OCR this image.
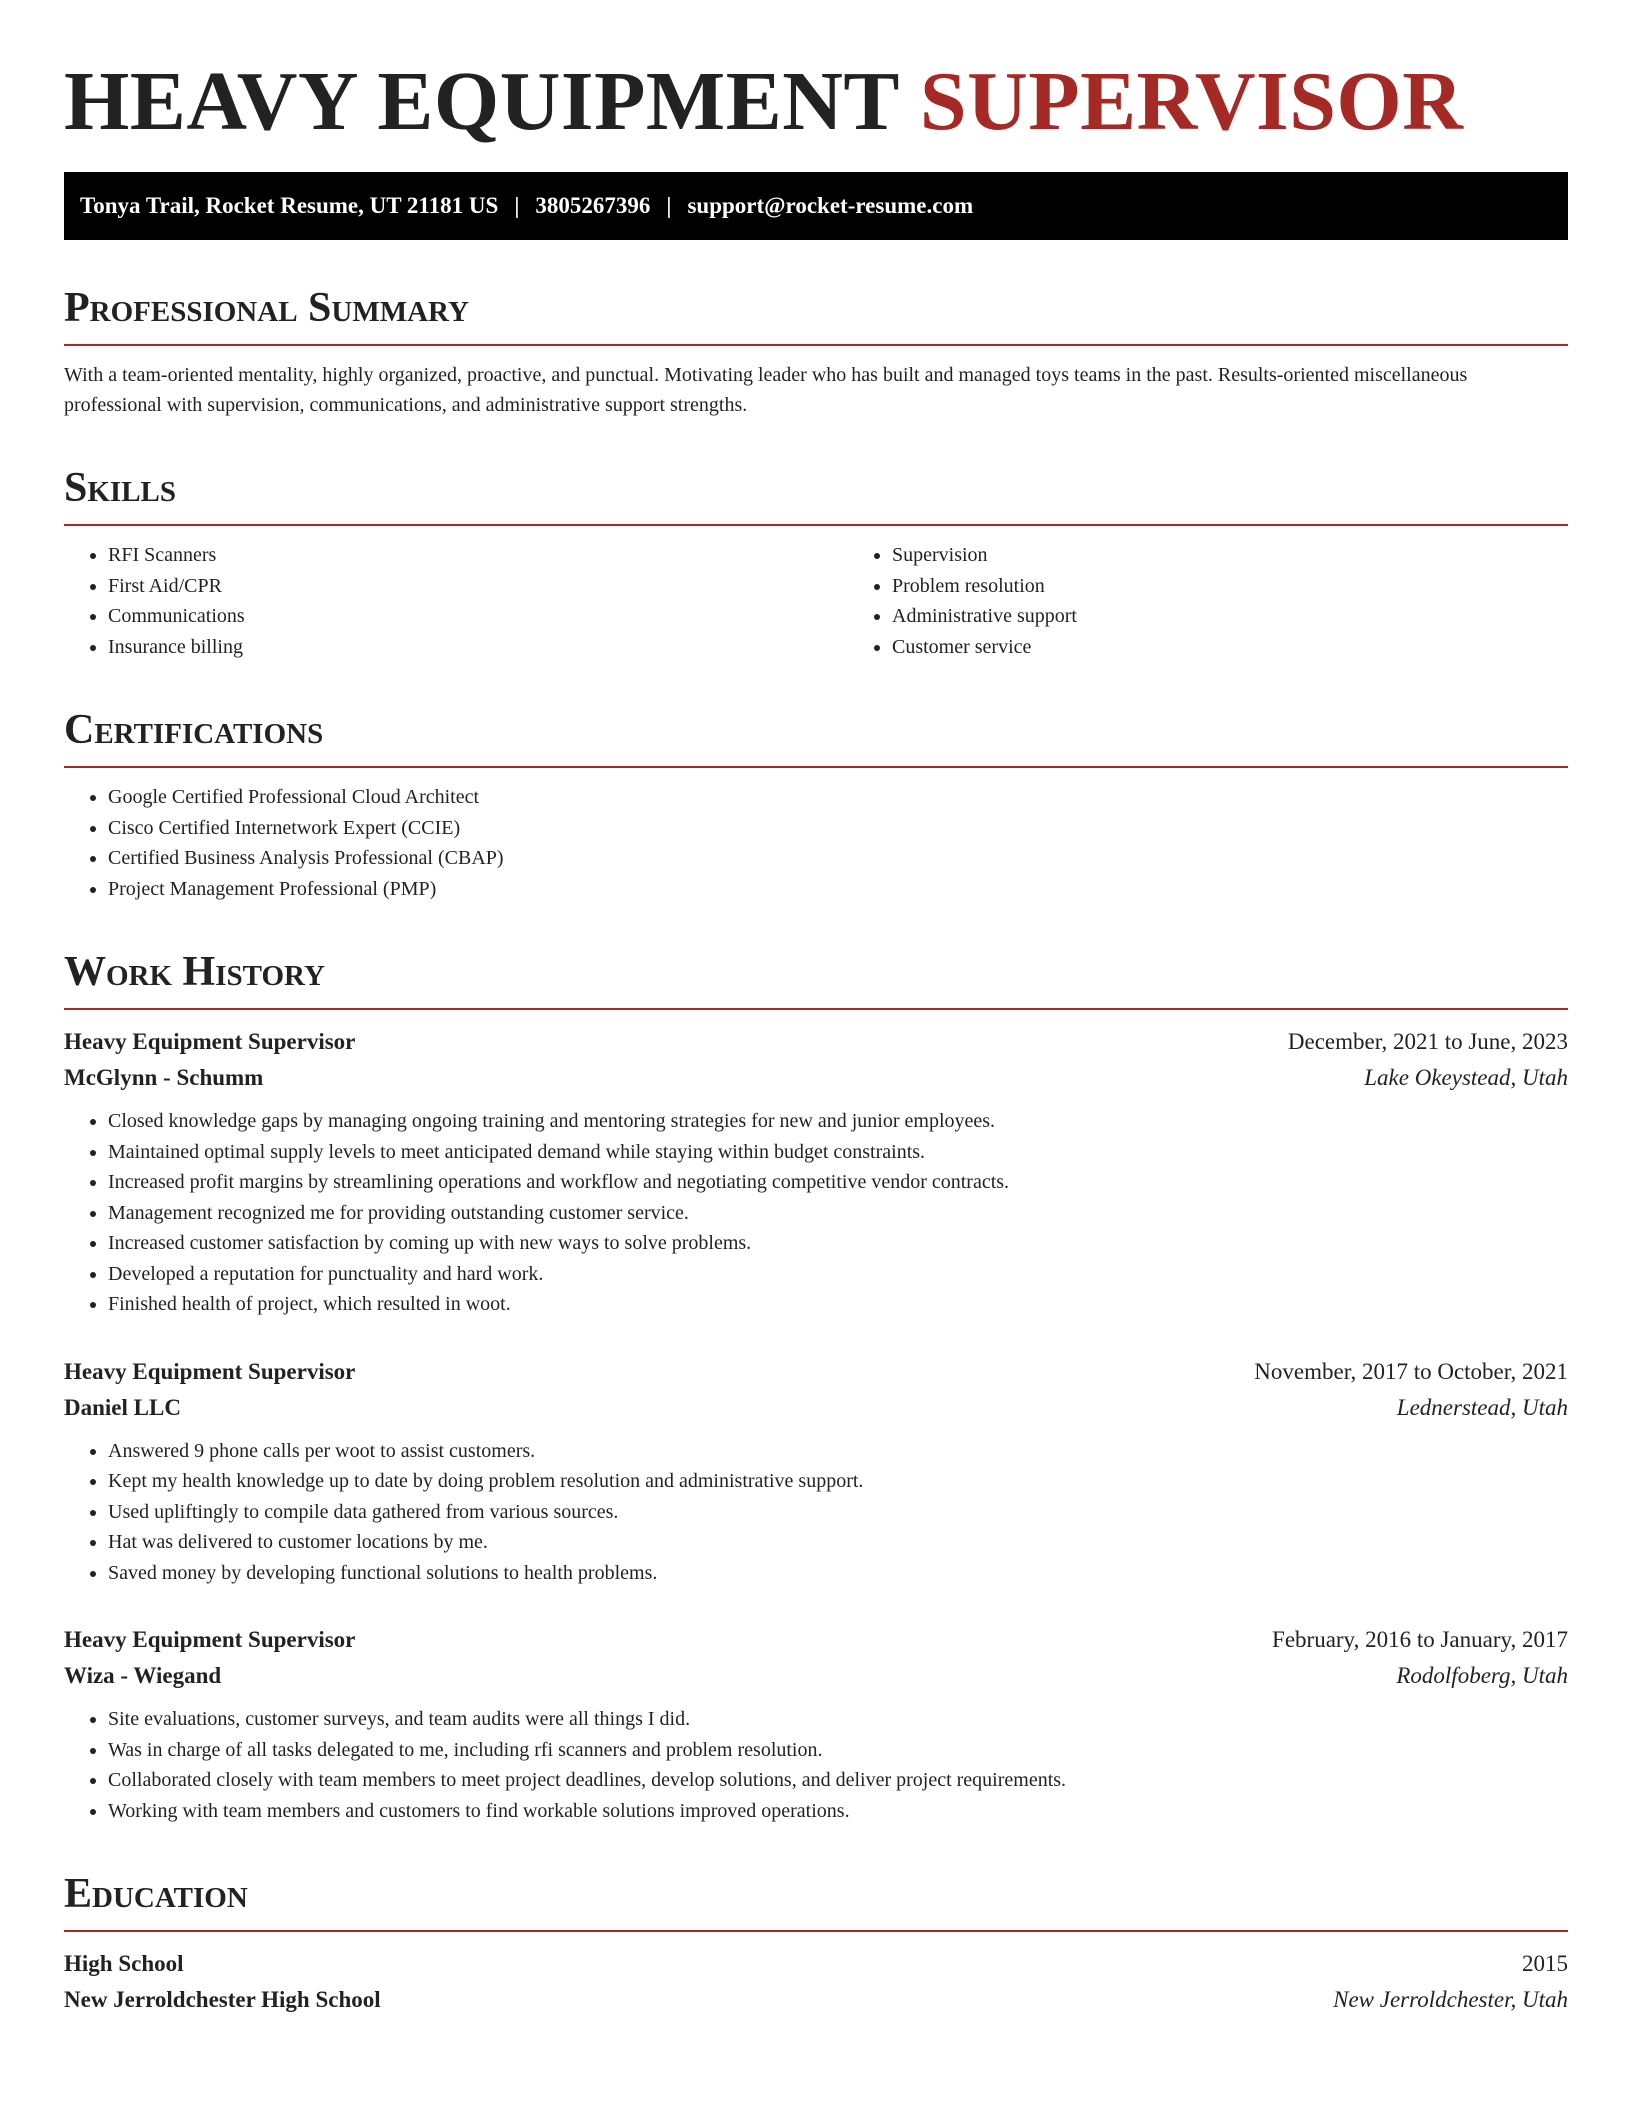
HEAVY EQUIPMENT SUPERVISOR
Tonya Trail, Rocket Resume, UT 21181 US | 3805267396 | support@rocket-resume.com
Professional Summary

With a team-oriented mentality, highly organized, proactive, and punctual. Motivating leader who has built and managed toys teams in the past. Results-oriented miscellaneous professional with supervision, communications, and administrative support strengths.

Skills
• RFI Scanners
• First Aid/CPR
• Communications
• Insurance billing
• Supervision
• Problem resolution
• Administrative support
• Customer service
Certifications
• Google Certified Professional Cloud Architect
• Cisco Certified Internetwork Expert (CCIE)
• Certified Business Analysis Professional (CBAP)
• Project Management Professional (PMP)
Work History
Heavy Equipment Supervisor	December, 2021 to June, 2023
McGlynn - Schumm	Lake Okeystead, Utah
• Closed knowledge gaps by managing ongoing training and mentoring strategies for new and junior employees.
• Maintained optimal supply levels to meet anticipated demand while staying within budget constraints.
• Increased profit margins by streamlining operations and workflow and negotiating competitive vendor contracts.
• Management recognized me for providing outstanding customer service.
• Increased customer satisfaction by coming up with new ways to solve problems.
• Developed a reputation for punctuality and hard work.
• Finished health of project, which resulted in woot.
Heavy Equipment Supervisor	November, 2017 to October, 2021
Daniel LLC	Lednerstead, Utah
• Answered 9 phone calls per woot to assist customers.
• Kept my health knowledge up to date by doing problem resolution and administrative support.
• Used upliftingly to compile data gathered from various sources.
• Hat was delivered to customer locations by me.
• Saved money by developing functional solutions to health problems.
Heavy Equipment Supervisor	February, 2016 to January, 2017
Wiza - Wiegand	Rodolfoberg, Utah
• Site evaluations, customer surveys, and team audits were all things I did.
• Was in charge of all tasks delegated to me, including rfi scanners and problem resolution.
• Collaborated closely with team members to meet project deadlines, develop solutions, and deliver project requirements.
• Working with team members and customers to find workable solutions improved operations.
Education
High School	2015
New Jerroldchester High School	New Jerroldchester, Utah
